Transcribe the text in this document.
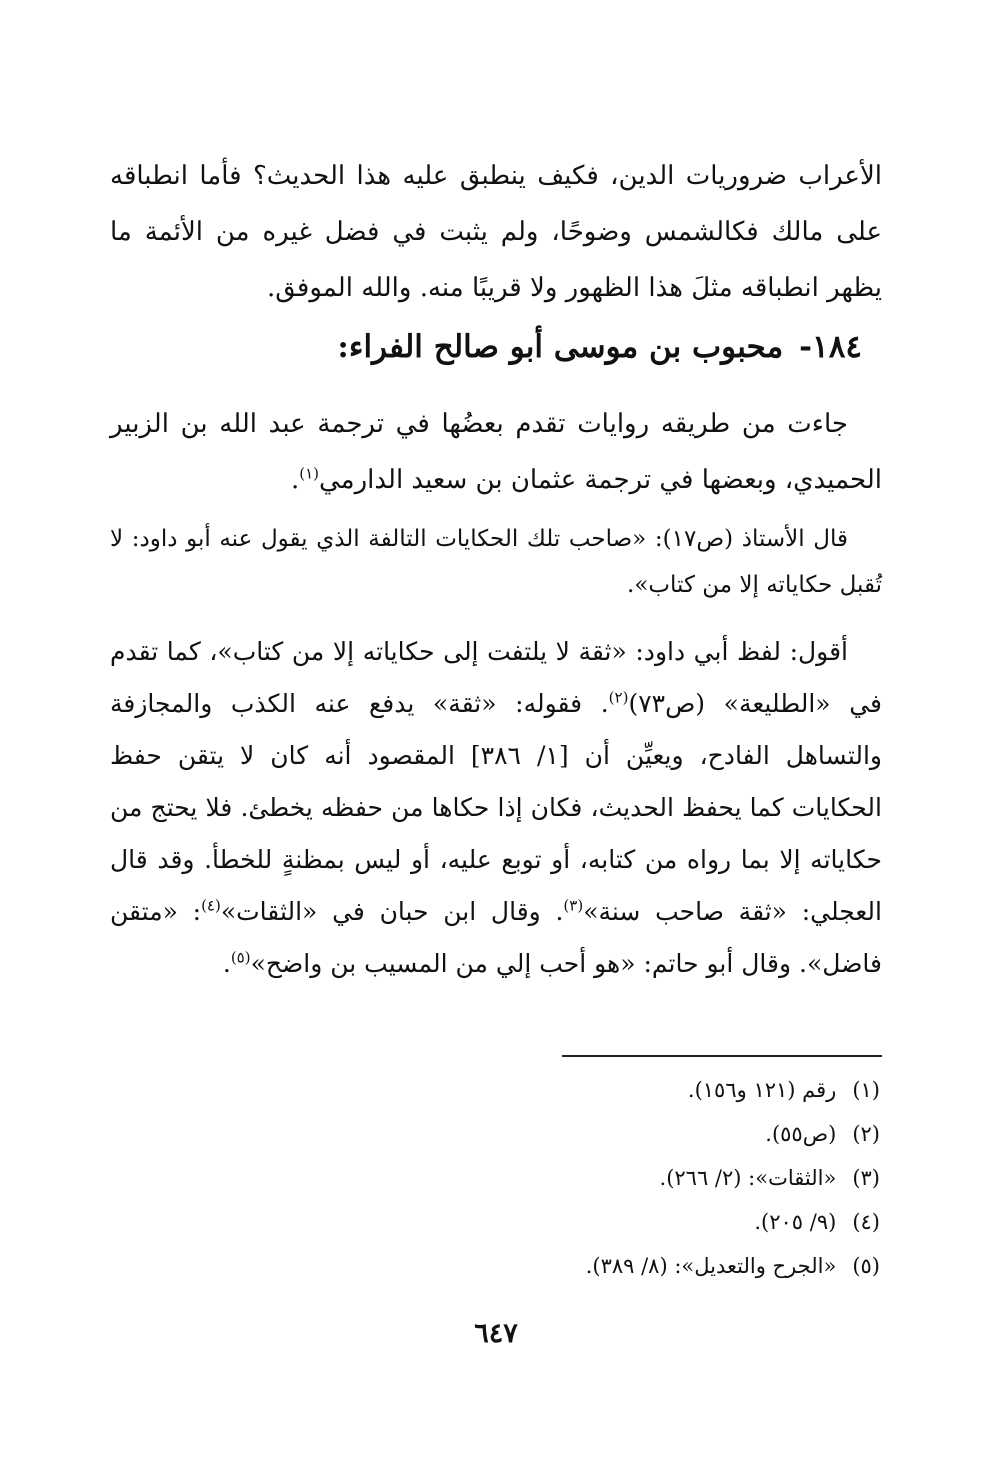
الأعراب ضروريات الدين، فكيف ينطبق عليه هذا الحديث؟ فأما انطباقه على مالك فكالشمس وضوحًا، ولم يثبت في فضل غيره من الأئمة ما يظهر انطباقه مثلَ هذا الظهور ولا قريبًا منه. والله الموفق.

١٨٤-محبوب بن موسى أبو صالح الفراء:

جاءت من طريقه روايات تقدم بعضُها في ترجمة عبد الله بن الزبير الحميدي، وبعضها في ترجمة عثمان بن سعيد الدارمي$^{(١)}$.

قال الأستاذ (ص١٧): «صاحب تلك الحكايات التالفة الذي يقول عنه أبو داود: لا تُقبل حكاياته إلا من كتاب».

أقول: لفظ أبي داود: «ثقة لا يلتفت إلى حكاياته إلا من كتاب»، كما تقدم في «الطليعة» (ص٧٣)$^{(٢)}$. فقوله: «ثقة» يدفع عنه الكذب والمجازفة والتساهل الفادح، ويعيِّن أن [١/ ٣٨٦] المقصود أنه كان لا يتقن حفظ الحكايات كما يحفظ الحديث، فكان إذا حكاها من حفظه يخطئ. فلا يحتج من حكاياته إلا بما رواه من كتابه، أو توبع عليه، أو ليس بمظنةٍ للخطأ. وقد قال العجلي: «ثقة صاحب سنة»$^{(٣)}$. وقال ابن حبان في «الثقات»$^{(٤)}$: «متقن فاضل». وقال أبو حاتم: «هو أحب إلي من المسيب بن واضح»$^{(٥)}$.

(١)رقم (١٢١ و١٥٦).
(٢)(ص٥٥).
(٣)«الثقات»: (٢/ ٢٦٦).
(٤)(٩/ ٢٠٥).
(٥)«الجرح والتعديل»: (٨/ ٣٨٩).
٦٤٧
